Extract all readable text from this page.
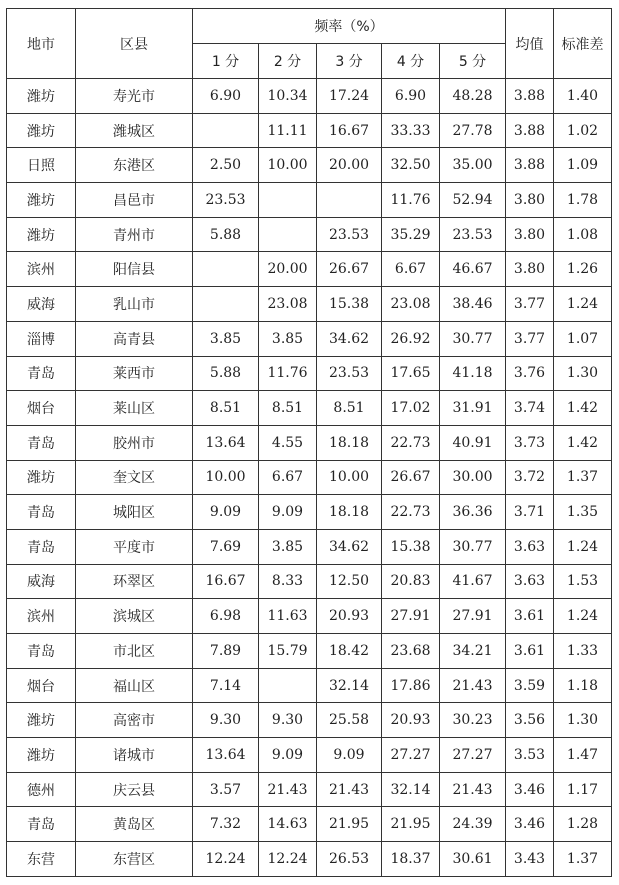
地市	区县	频率（%）					均值	标准差
		1 分	2 分	3 分	4 分	5 分		
潍坊	寿光市	6.90	10.34	17.24	6.90	48.28	3.88	1.40
潍坊	潍城区		11.11	16.67	33.33	27.78	3.88	1.02
日照	东港区	2.50	10.00	20.00	32.50	35.00	3.88	1.09
潍坊	昌邑市	23.53			11.76	52.94	3.80	1.78
潍坊	青州市	5.88		23.53	35.29	23.53	3.80	1.08
滨州	阳信县		20.00	26.67	6.67	46.67	3.80	1.26
威海	乳山市		23.08	15.38	23.08	38.46	3.77	1.24
淄博	高青县	3.85	3.85	34.62	26.92	30.77	3.77	1.07
青岛	莱西市	5.88	11.76	23.53	17.65	41.18	3.76	1.30
烟台	莱山区	8.51	8.51	8.51	17.02	31.91	3.74	1.42
青岛	胶州市	13.64	4.55	18.18	22.73	40.91	3.73	1.42
潍坊	奎文区	10.00	6.67	10.00	26.67	30.00	3.72	1.37
青岛	城阳区	9.09	9.09	18.18	22.73	36.36	3.71	1.35
青岛	平度市	7.69	3.85	34.62	15.38	30.77	3.63	1.24
威海	环翠区	16.67	8.33	12.50	20.83	41.67	3.63	1.53
滨州	滨城区	6.98	11.63	20.93	27.91	27.91	3.61	1.24
青岛	市北区	7.89	15.79	18.42	23.68	34.21	3.61	1.33
烟台	福山区	7.14		32.14	17.86	21.43	3.59	1.18
潍坊	高密市	9.30	9.30	25.58	20.93	30.23	3.56	1.30
潍坊	诸城市	13.64	9.09	9.09	27.27	27.27	3.53	1.47
德州	庆云县	3.57	21.43	21.43	32.14	21.43	3.46	1.17
青岛	黄岛区	7.32	14.63	21.95	21.95	24.39	3.46	1.28
东营	东营区	12.24	12.24	26.53	18.37	30.61	3.43	1.37
